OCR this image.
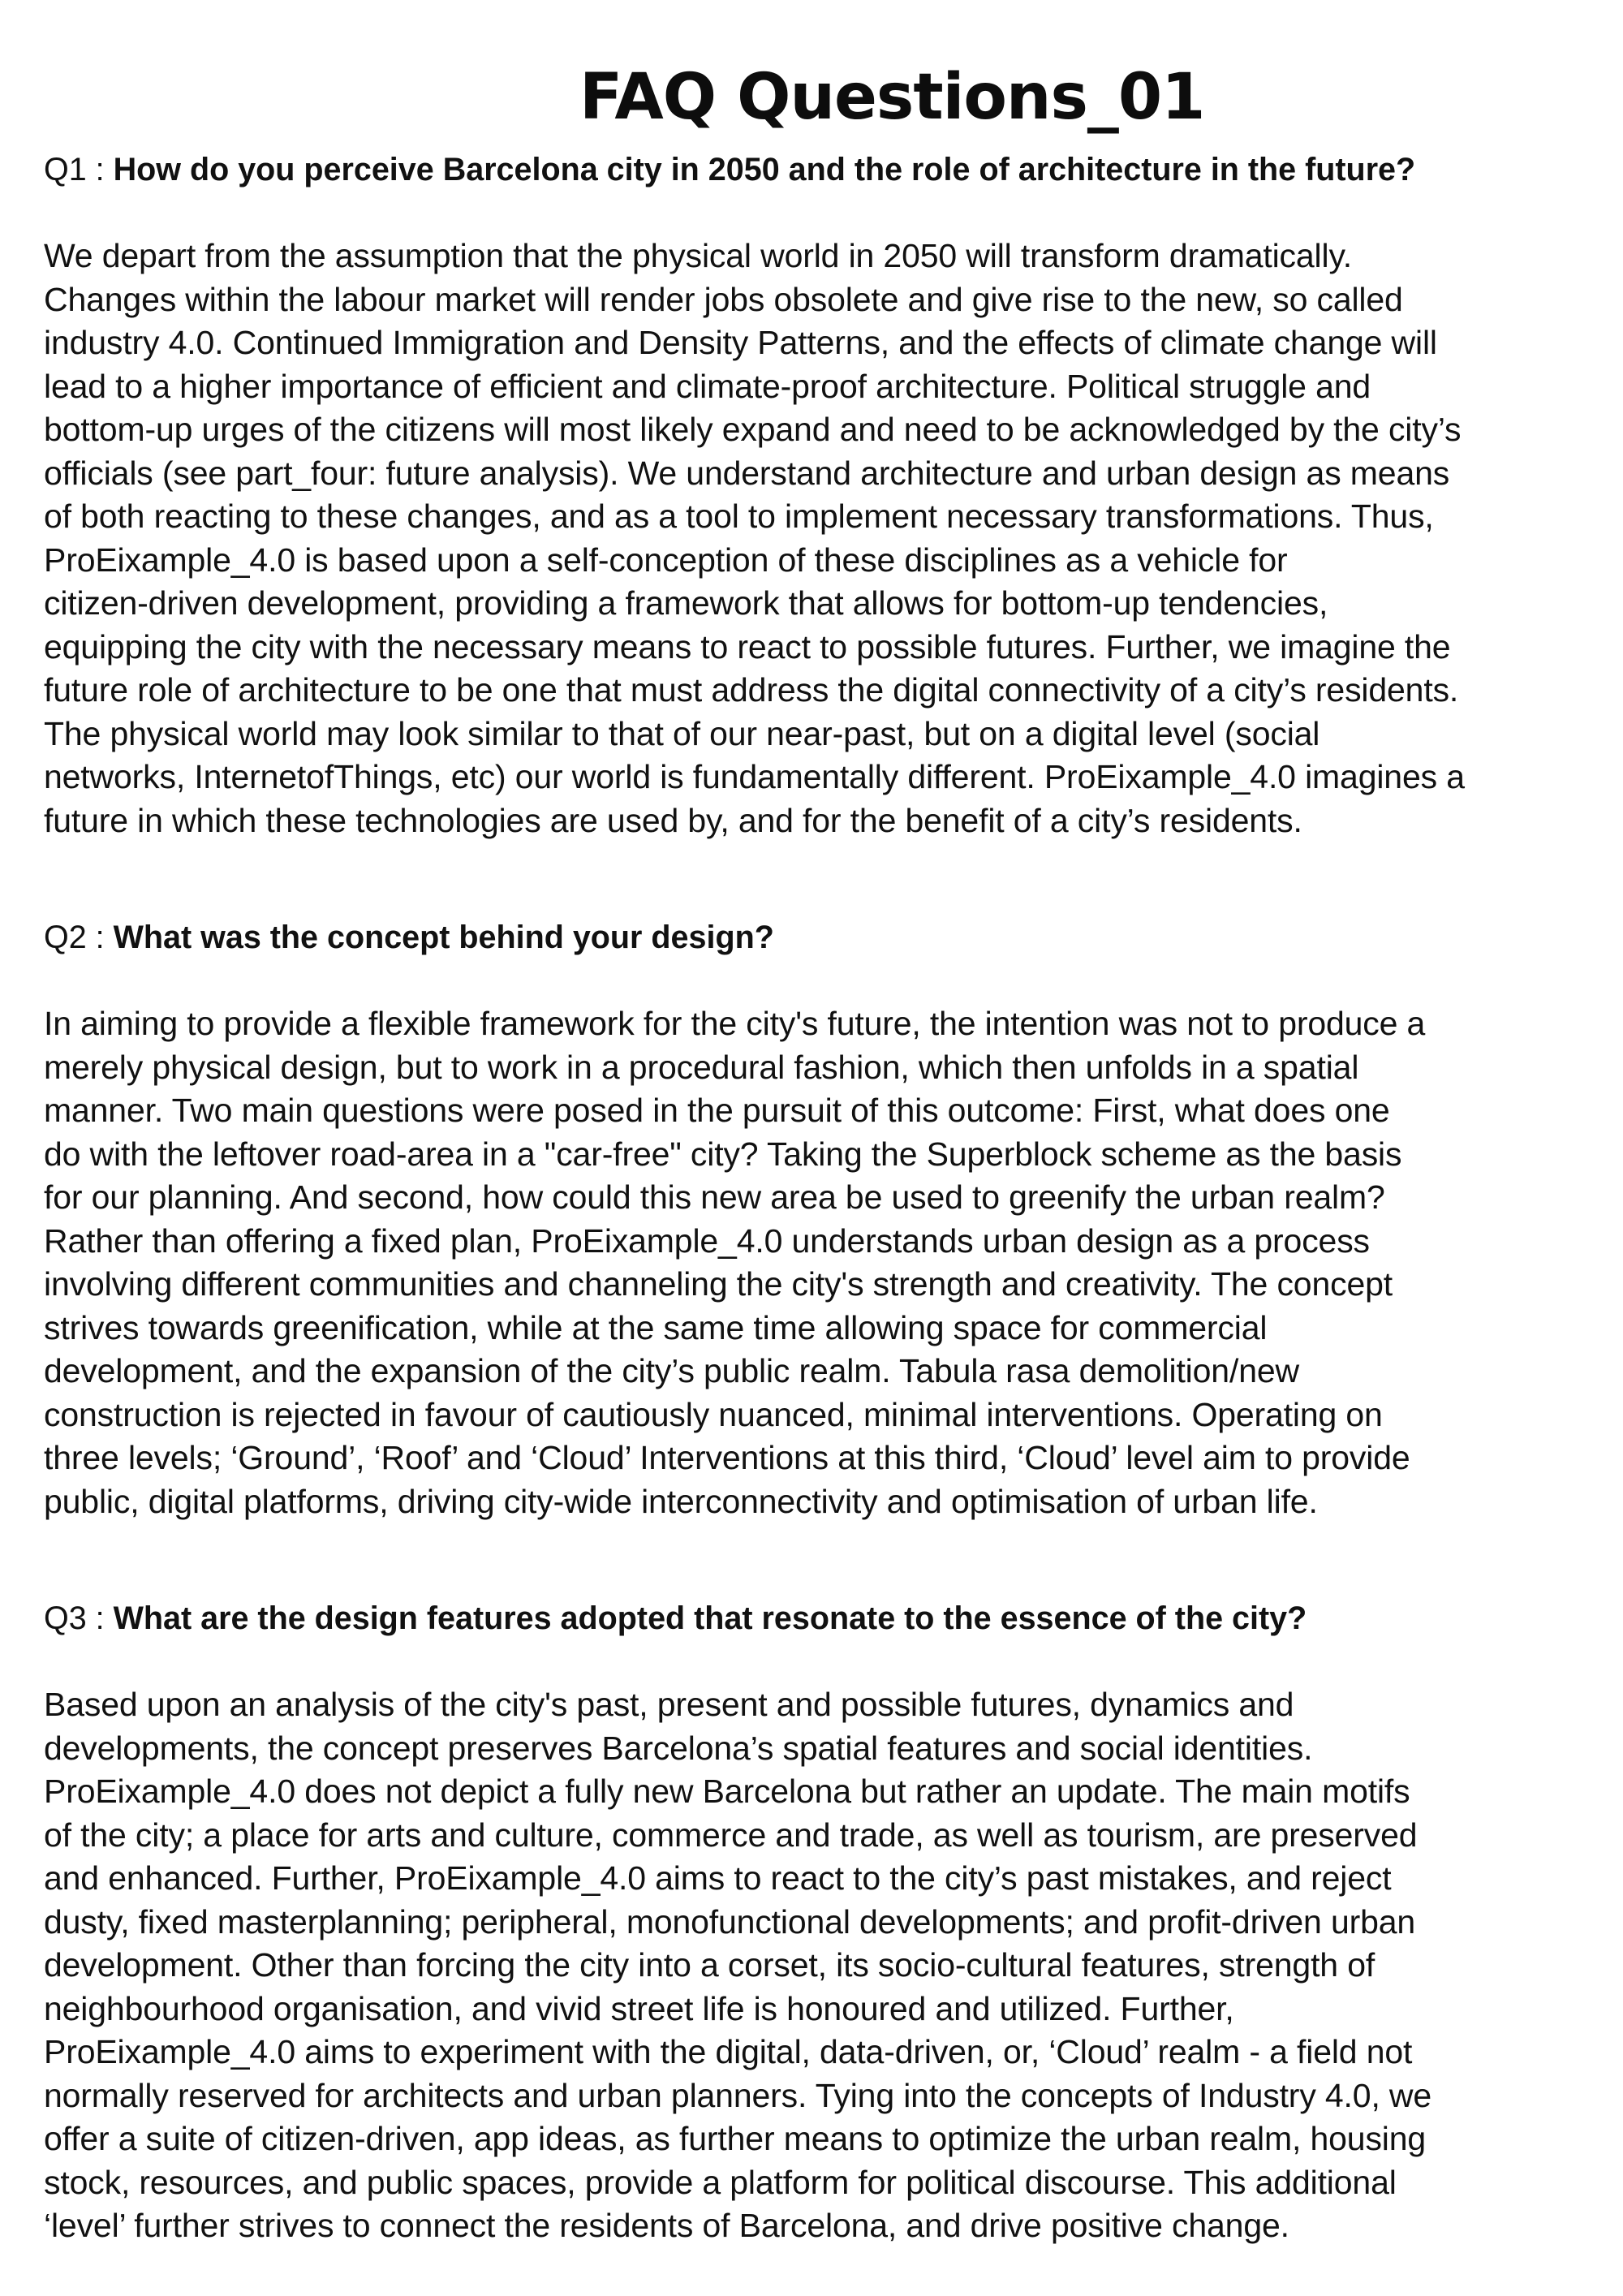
FAQ Questions_01

Q1 : How do you perceive Barcelona city in 2050 and the role of architecture in the future?

We depart from the assumption that the physical world in 2050 will transform dramatically.
Changes within the labour market will render jobs obsolete and give rise to the new, so called
industry 4.0. Continued Immigration and Density Patterns, and the effects of climate change will
lead to a higher importance of efficient and climate-proof architecture. Political struggle and
bottom-up urges of the citizens will most likely expand and need to be acknowledged by the city’s
officials (see part_four: future analysis). We understand architecture and urban design as means
of both reacting to these changes, and as a tool to implement necessary transformations. Thus,
ProEixample_4.0 is based upon a self-conception of these disciplines as a vehicle for
citizen-driven development, providing a framework that allows for bottom-up tendencies,
equipping the city with the necessary means to react to possible futures. Further, we imagine the
future role of architecture to be one that must address the digital connectivity of a city’s residents.
The physical world may look similar to that of our near-past, but on a digital level (social
networks, InternetofThings, etc) our world is fundamentally different. ProEixample_4.0 imagines a
future in which these technologies are used by, and for the benefit of a city’s residents.

Q2 : What was the concept behind your design?

In aiming to provide a flexible framework for the city's future, the intention was not to produce a
merely physical design, but to work in a procedural fashion, which then unfolds in a spatial
manner. Two main questions were posed in the pursuit of this outcome: First, what does one
do with the leftover road-area in a "car-free" city? Taking the Superblock scheme as the basis
for our planning. And second, how could this new area be used to greenify the urban realm?
Rather than offering a fixed plan, ProEixample_4.0 understands urban design as a process
involving different communities and channeling the city's strength and creativity. The concept
strives towards greenification, while at the same time allowing space for commercial
development, and the expansion of the city’s public realm. Tabula rasa demolition/new
construction is rejected in favour of cautiously nuanced, minimal interventions. Operating on
three levels; ‘Ground’, ‘Roof’ and ‘Cloud’ Interventions at this third, ‘Cloud’ level aim to provide
public, digital platforms, driving city-wide interconnectivity and optimisation of urban life.

Q3 : What are the design features adopted that resonate to the essence of the city?

Based upon an analysis of the city's past, present and possible futures, dynamics and
developments, the concept preserves Barcelona’s spatial features and social identities.
ProEixample_4.0 does not depict a fully new Barcelona but rather an update. The main motifs
of the city; a place for arts and culture, commerce and trade, as well as tourism, are preserved
and enhanced. Further, ProEixample_4.0 aims to react to the city’s past mistakes, and reject
dusty, fixed masterplanning; peripheral, monofunctional developments; and profit-driven urban
development. Other than forcing the city into a corset, its socio-cultural features, strength of
neighbourhood organisation, and vivid street life is honoured and utilized. Further,
ProEixample_4.0 aims to experiment with the digital, data-driven, or, ‘Cloud’ realm - a field not
normally reserved for architects and urban planners. Tying into the concepts of Industry 4.0, we
offer a suite of citizen-driven, app ideas, as further means to optimize the urban realm, housing
stock, resources, and public spaces, provide a platform for political discourse. This additional
‘level’ further strives to connect the residents of Barcelona, and drive positive change.
